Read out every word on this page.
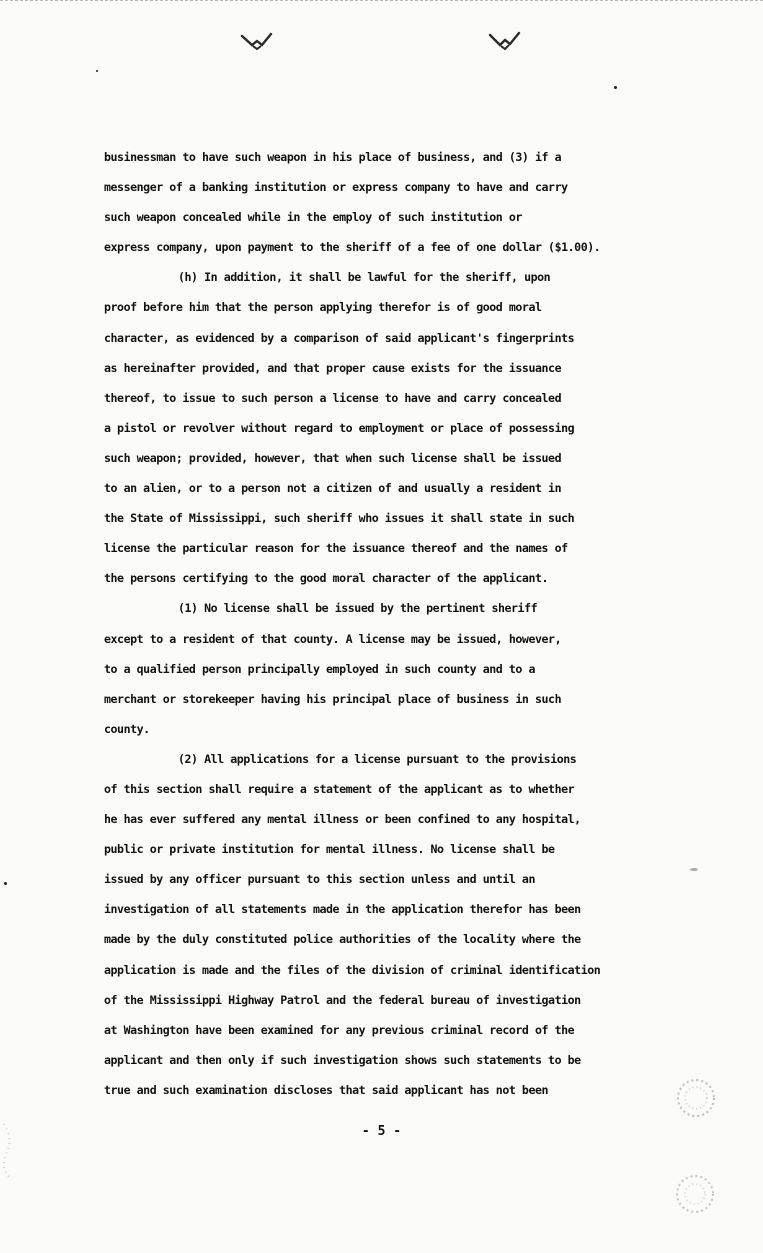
businessman to have such weapon in his place of business, and (3) if a
messenger of a banking institution or express company to have and carry
such weapon concealed while in the employ of such institution or
express company, upon payment to the sheriff of a fee of one dollar ($1.00).
(h) In addition, it shall be lawful for the sheriff, upon
proof before him that the person applying therefor is of good moral
character, as evidenced by a comparison of said applicant's fingerprints
as hereinafter provided, and that proper cause exists for the issuance
thereof, to issue to such person a license to have and carry concealed
a pistol or revolver without regard to employment or place of possessing
such weapon; provided, however, that when such license shall be issued
to an alien, or to a person not a citizen of and usually a resident in
the State of Mississippi, such sheriff who issues it shall state in such
license the particular reason for the issuance thereof and the names of
the persons certifying to the good moral character of the applicant.
(1) No license shall be issued by the pertinent sheriff
except to a resident of that county. A license may be issued, however,
to a qualified person principally employed in such county and to a
merchant or storekeeper having his principal place of business in such
county.
(2) All applications for a license pursuant to the provisions
of this section shall require a statement of the applicant as to whether
he has ever suffered any mental illness or been confined to any hospital,
public or private institution for mental illness. No license shall be
issued by any officer pursuant to this section unless and until an
investigation of all statements made in the application therefor has been
made by the duly constituted police authorities of the locality where the
application is made and the files of the division of criminal identification
of the Mississippi Highway Patrol and the federal bureau of investigation
at Washington have been examined for any previous criminal record of the
applicant and then only if such investigation shows such statements to be
true and such examination discloses that said applicant has not been
- 5 -
